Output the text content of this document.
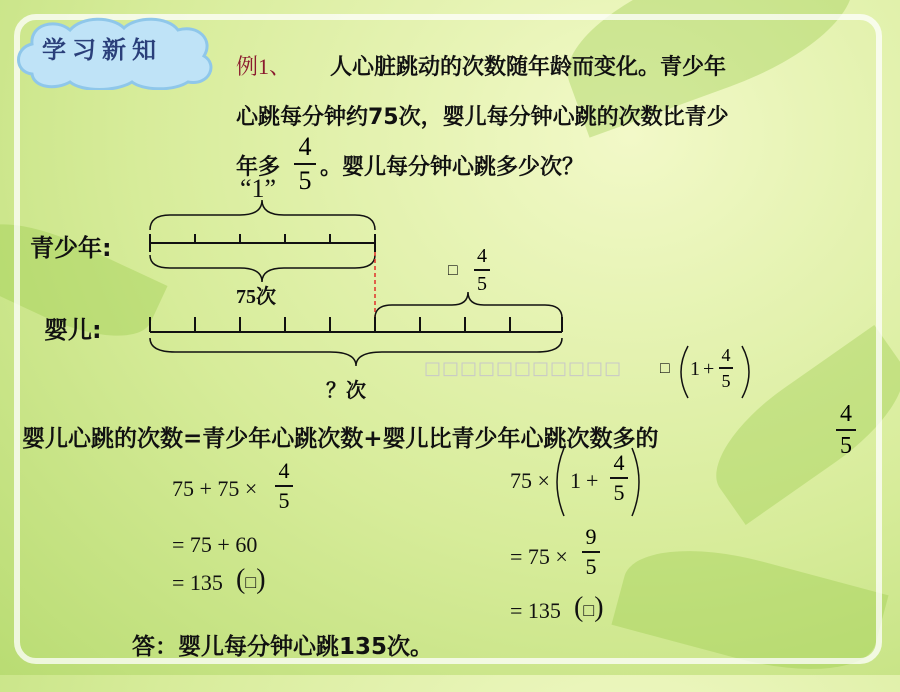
学习新知
例1、 人心脏跳动的次数随年龄而变化。青少年
心跳每分钟约75次，婴儿每分钟心跳的次数比青少
年多
4
5 。婴儿每分钟心跳多少次？
“1”
青少年:
婴儿:
75次
□
4
5
？次
□□□□□□□□□□□ □ 1 +
4
5
婴儿心跳的次数=青少年心跳次数+婴儿比青少年心跳次数多的
4
5
75 + 75 ×
4
5
= 75 + 60
= 135 (□)
75 × 1 +
4
5
= 75 ×
9
5
= 135 (□)
答：婴儿每分钟心跳135次。
